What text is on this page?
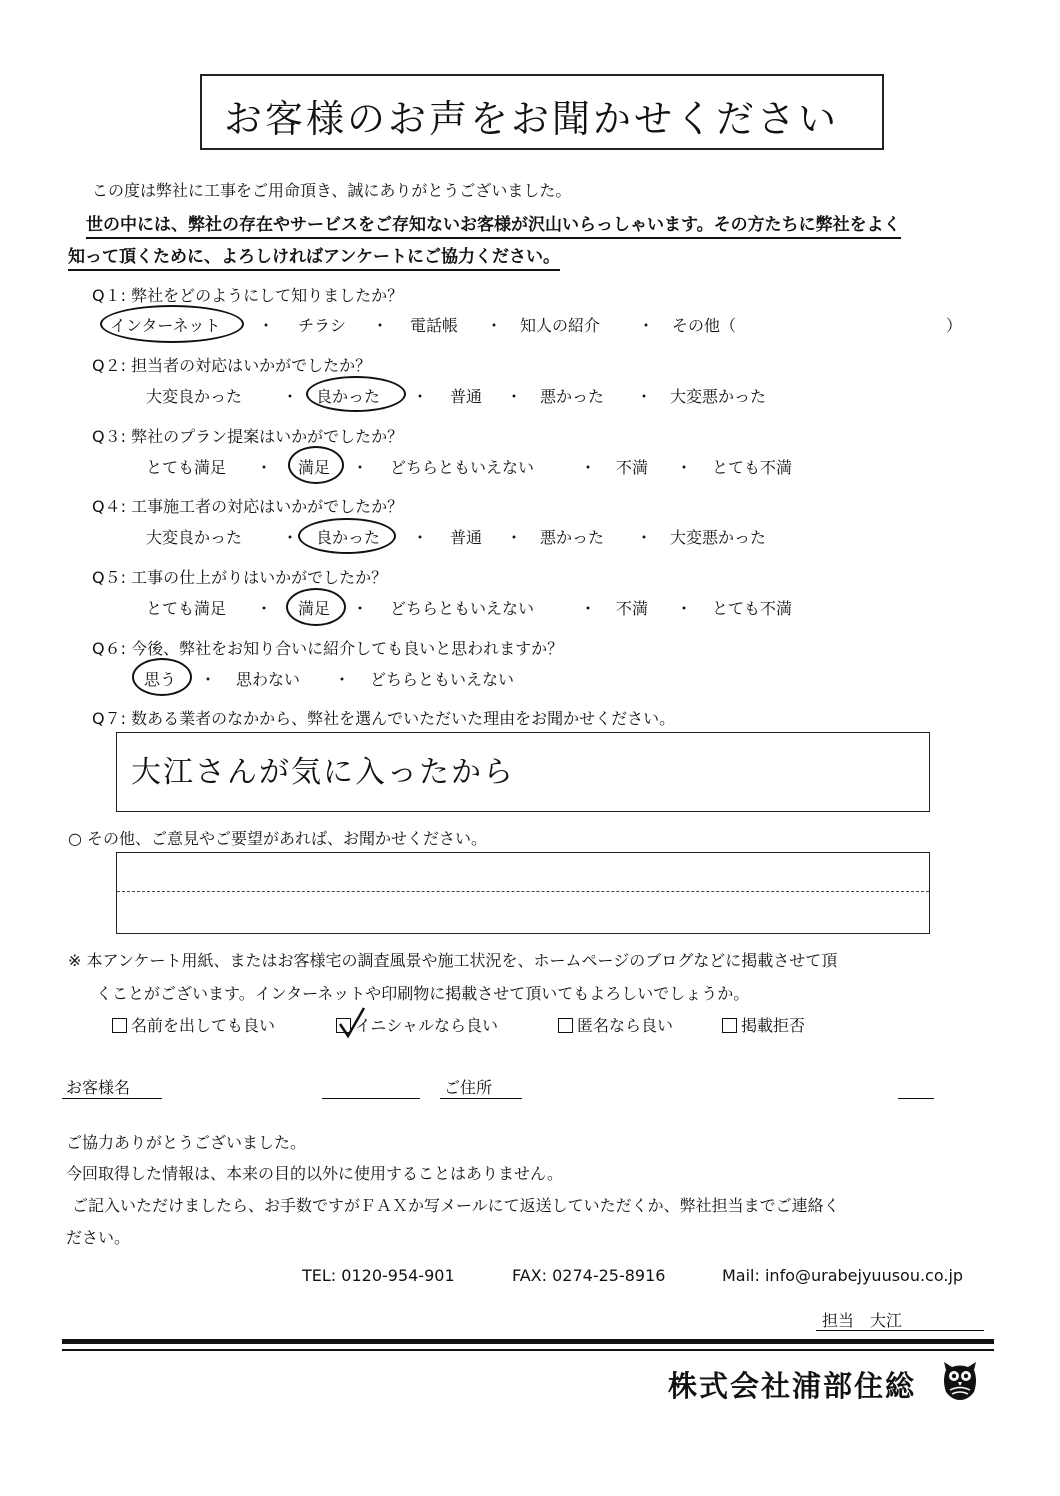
お客様のお声をお聞かせください
この度は弊社に工事をご用命頂き、誠にありがとうございました。
世の中には、弊社の存在やサービスをご存知ないお客様が沢山いらっしゃいます。その方たちに弊社をよく
知って頂くために、よろしければアンケートにご協力ください。
Q１: 弊社をどのようにして知りましたか？
インターネット ・ チラシ ・ 電話帳 ・ 知人の紹介 ・ その他（	）
Q２: 担当者の対応はいかがでしたか？
大変良かった ・ 良かった ・ 普通 ・ 悪かった ・ 大変悪かった
Q３: 弊社のプラン提案はいかがでしたか？
とても満足 ・ 満足 ・ どちらともいえない	・ 不満 ・ とても不満
Q４: 工事施工者の対応はいかがでしたか？
大変良かった ・ 良かった ・ 普通 ・ 悪かった ・ 大変悪かった
Q５: 工事の仕上がりはいかがでしたか？
とても満足 ・ 満足 ・ どちらともいえない	・ 不満 ・ とても不満
Q６: 今後、弊社をお知り合いに紹介しても良いと思われますか？
思う ・ 思わない ・ どちらともいえない
Q７: 数ある業者のなかから、弊社を選んでいただいた理由をお聞かせください。
大江さんが気に入ったから
○ その他、ご意見やご要望があれば、お聞かせください。
※ 本アンケート用紙、またはお客様宅の調査風景や施工状況を、ホームページのブログなどに掲載させて頂
くことがございます。インターネットや印刷物に掲載させて頂いてもよろしいでしょうか。
名前を出しても良い	イニシャルなら良い	匿名なら良い	掲載拒否
お客様名	ご住所
ご協力ありがとうございました。
今回取得した情報は、本来の目的以外に使用することはありません。
ご記入いただけましたら、お手数ですがＦＡＸか写メールにて返送していただくか、弊社担当までご連絡く
ださい。
TEL: 0120-954-901	FAX: 0274-25-8916	Mail: info@urabejyuusou.co.jp
担当　大江
株式会社浦部住総
